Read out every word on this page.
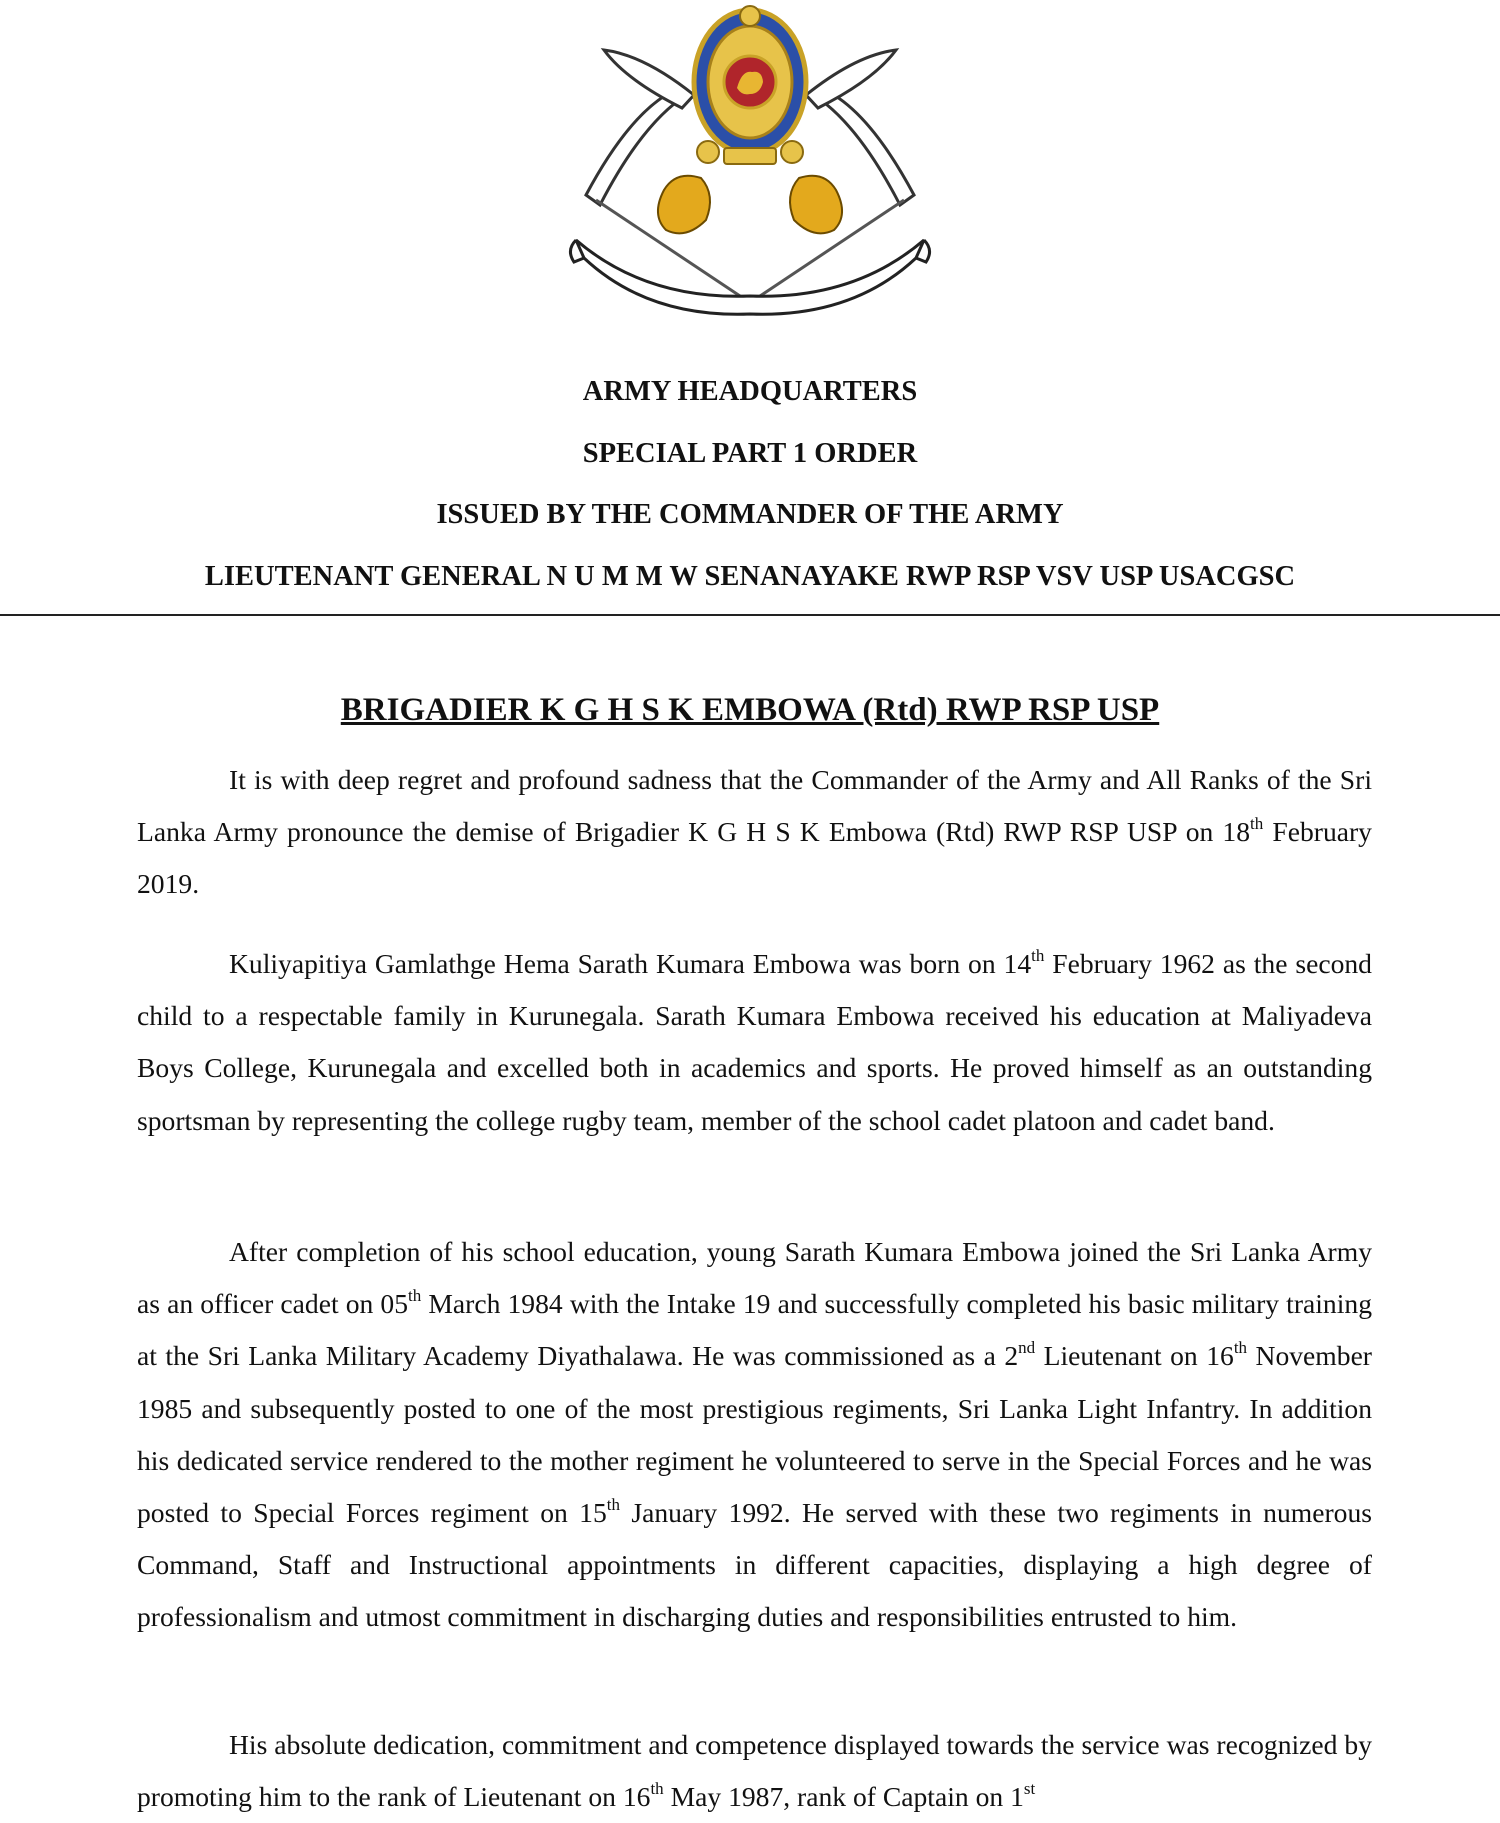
ARMY HEADQUARTERS
SPECIAL PART 1 ORDER
ISSUED BY THE COMMANDER OF THE ARMY
LIEUTENANT GENERAL N U M M W SENANAYAKE RWP RSP VSV USP USACGSC
BRIGADIER K G H S K EMBOWA (Rtd) RWP RSP USP

It is with deep regret and profound sadness that the Commander of the Army and All Ranks of the Sri Lanka Army pronounce the demise of Brigadier K G H S K Embowa (Rtd) RWP RSP USP on 18th February 2019.

Kuliyapitiya Gamlathge Hema Sarath Kumara Embowa was born on 14th February 1962 as the second child to a respectable family in Kurunegala. Sarath Kumara Embowa received his education at Maliyadeva Boys College, Kurunegala and excelled both in academics and sports. He proved himself as an outstanding sportsman by representing the college rugby team, member of the school cadet platoon and cadet band.

After completion of his school education, young Sarath Kumara Embowa joined the Sri Lanka Army as an officer cadet on 05th March 1984 with the Intake 19 and successfully completed his basic military training at the Sri Lanka Military Academy Diyathalawa. He was commissioned as a 2nd Lieutenant on 16th November 1985 and subsequently posted to one of the most prestigious regiments, Sri Lanka Light Infantry. In addition his dedicated service rendered to the mother regiment he volunteered to serve in the Special Forces and he was posted to Special Forces regiment on 15th January 1992. He served with these two regiments in numerous Command, Staff and Instructional appointments in different capacities, displaying a high degree of professionalism and utmost commitment in discharging duties and responsibilities entrusted to him.

His absolute dedication, commitment and competence displayed towards the service was recognized by promoting him to the rank of Lieutenant on 16th May 1987, rank of Captain on 1st
